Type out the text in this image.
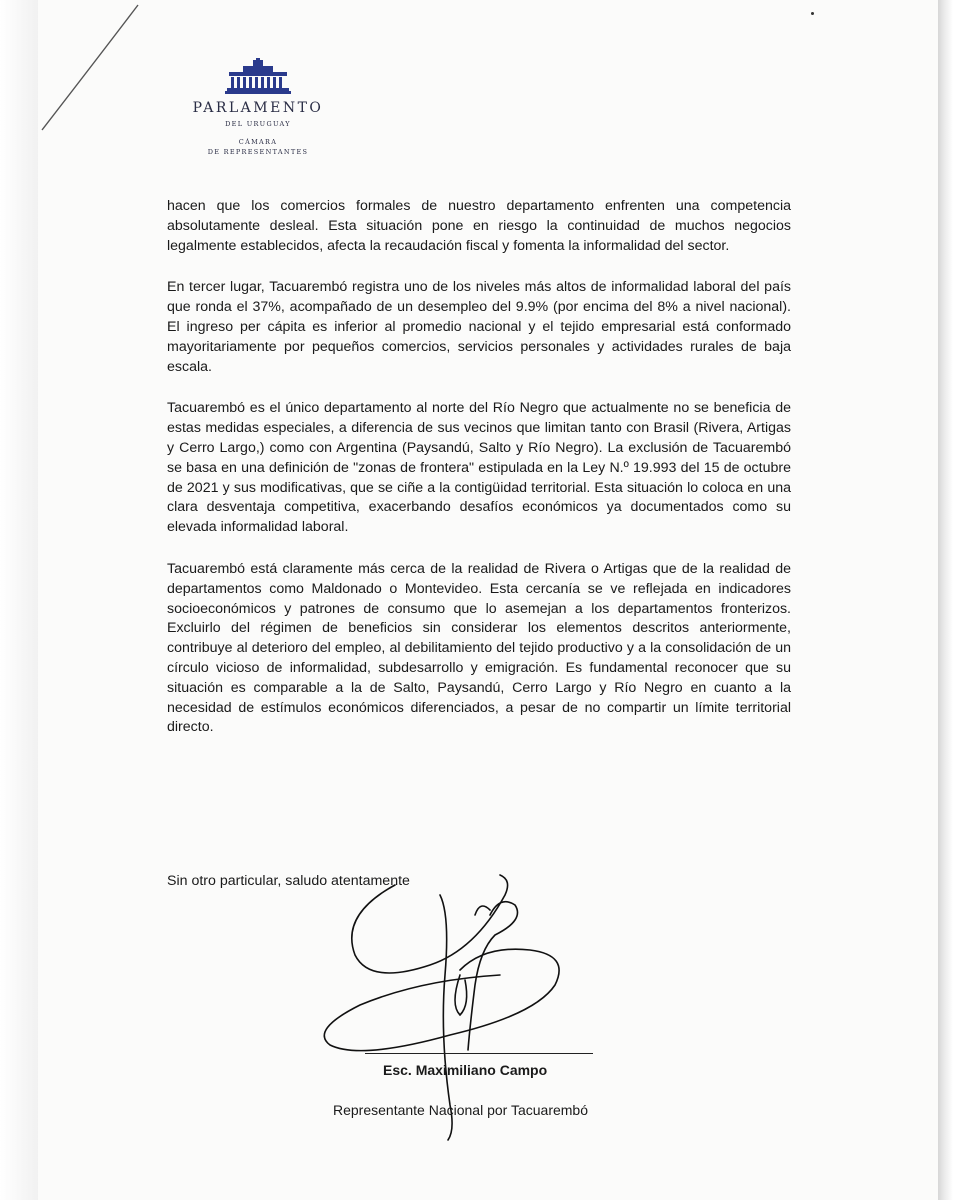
PARLAMENTO
DEL URUGUAY
CÁMARA
DE REPRESENTANTES

hacen que los comercios formales de nuestro departamento enfrenten una competencia absolutamente desleal. Esta situación pone en riesgo la continuidad de muchos negocios legalmente establecidos, afecta la recaudación fiscal y fomenta la informalidad del sector.

En tercer lugar, Tacuarembó registra uno de los niveles más altos de informalidad laboral del país que ronda el 37%, acompañado de un desempleo del 9.9% (por encima del 8% a nivel nacional). El ingreso per cápita es inferior al promedio nacional y el tejido empresarial está conformado mayoritariamente por pequeños comercios, servicios personales y actividades rurales de baja escala.

Tacuarembó es el único departamento al norte del Río Negro que actualmente no se beneficia de estas medidas especiales, a diferencia de sus vecinos que limitan tanto con Brasil (Rivera, Artigas y Cerro Largo,) como con Argentina (Paysandú, Salto y Río Negro). La exclusión de Tacuarembó se basa en una definición de "zonas de frontera" estipulada en la Ley N.º 19.993 del 15 de octubre de 2021 y sus modificativas, que se ciñe a la contigüidad territorial. Esta situación lo coloca en una clara desventaja competitiva, exacerbando desafíos económicos ya documentados como su elevada informalidad laboral.

Tacuarembó está claramente más cerca de la realidad de Rivera o Artigas que de la realidad de departamentos como Maldonado o Montevideo. Esta cercanía se ve reflejada en indicadores socioeconómicos y patrones de consumo que lo asemejan a los departamentos fronterizos. Excluirlo del régimen de beneficios sin considerar los elementos descritos anteriormente, contribuye al deterioro del empleo, al debilitamiento del tejido productivo y a la consolidación de un círculo vicioso de informalidad, subdesarrollo y emigración. Es fundamental reconocer que su situación es comparable a la de Salto, Paysandú, Cerro Largo y Río Negro en cuanto a la necesidad de estímulos económicos diferenciados, a pesar de no compartir un límite territorial directo.

Sin otro particular, saludo atentamente
Esc. Maximiliano Campo
Representante Nacional por Tacuarembó
